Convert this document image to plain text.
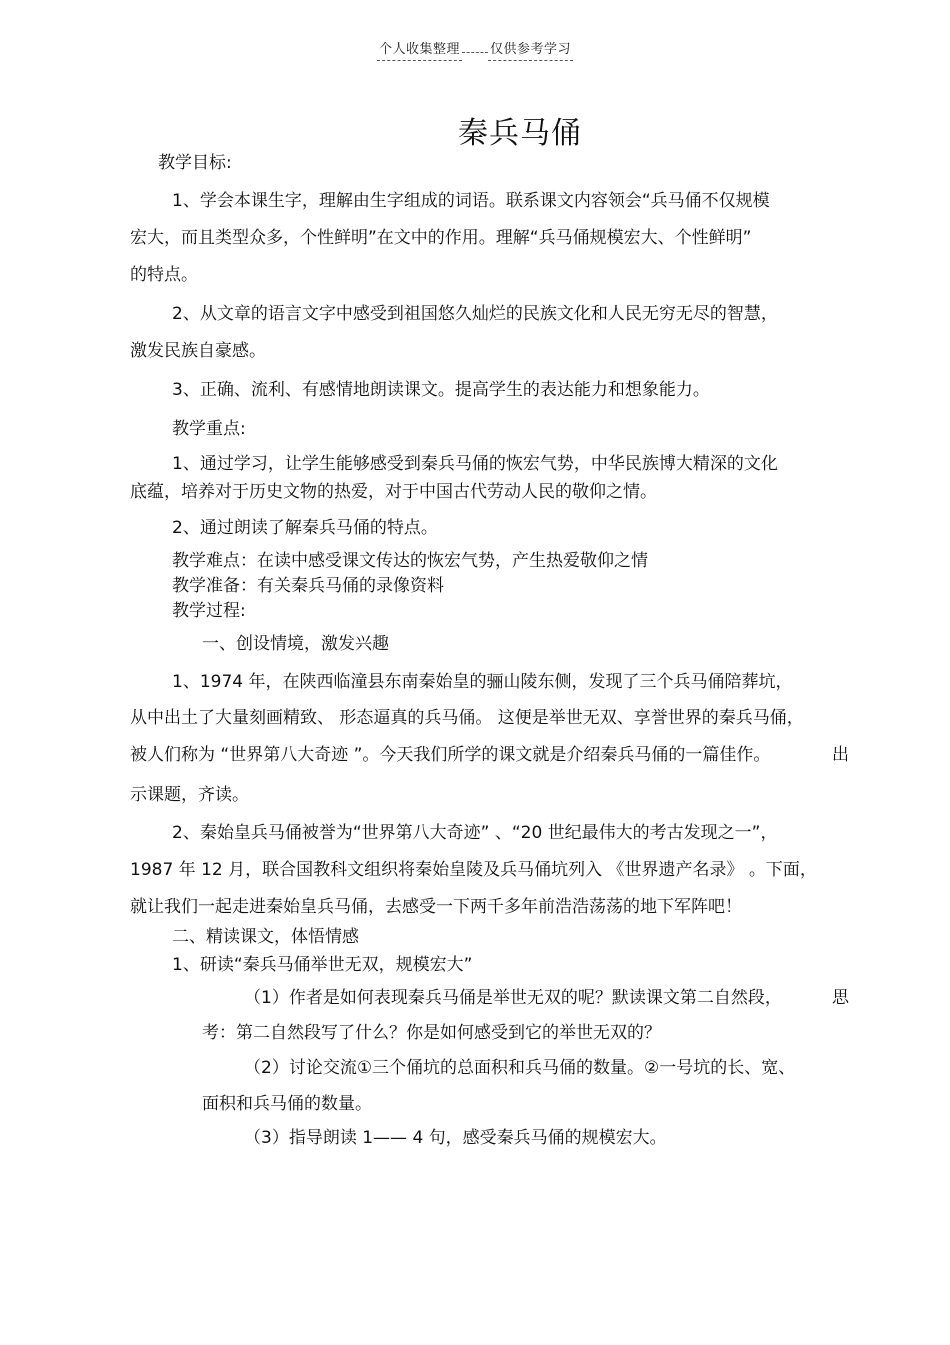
个人收集整理 仅供参考学习
秦兵马俑
教学目标:
1、学会本课生字，理解由生字组成的词语。联系课文内容领会“兵马俑不仅规模
宏大，而且类型众多，个性鲜明”在文中的作用。理解“兵马俑规模宏大、个性鲜明”
的特点。
2、从文章的语言文字中感受到祖国悠久灿烂的民族文化和人民无穷无尽的智慧，
激发民族自豪感。
3、正确、流利、有感情地朗读课文。提高学生的表达能力和想象能力。
教学重点:
1、通过学习，让学生能够感受到秦兵马俑的恢宏气势，中华民族博大精深的文化
底蕴，培养对于历史文物的热爱，对于中国古代劳动人民的敬仰之情。
2、通过朗读了解秦兵马俑的特点。
教学难点：在读中感受课文传达的恢宏气势，产生热爱敬仰之情
教学准备：有关秦兵马俑的录像资料
教学过程:
一、创设情境，激发兴趣
1、1974 年，在陕西临潼县东南秦始皇的骊山陵东侧，发现了三个兵马俑陪葬坑，
从中出土了大量刻画精致、 形态逼真的兵马俑。 这便是举世无双、享誉世界的秦兵马俑，
被人们称为 “世界第八大奇迹 ”。今天我们所学的课文就是介绍秦兵马俑的一篇佳作。	出
示课题，齐读。
2、秦始皇兵马俑被誉为“世界第八大奇迹” 、“20 世纪最伟大的考古发现之一”，
1987 年 12 月，联合国教科文组织将秦始皇陵及兵马俑坑列入 《世界遗产名录》 。下面，
就让我们一起走进秦始皇兵马俑，去感受一下两千多年前浩浩荡荡的地下军阵吧！
二、精读课文，体悟情感
1、研读“秦兵马俑举世无双，规模宏大”
（1）作者是如何表现秦兵马俑是举世无双的呢？默读课文第二自然段，	思
考：第二自然段写了什么？你是如何感受到它的举世无双的？
（2）讨论交流①三个俑坑的总面积和兵马俑的数量。②一号坑的长、宽、
面积和兵马俑的数量。
（3）指导朗读 1—— 4 句，感受秦兵马俑的规模宏大。
